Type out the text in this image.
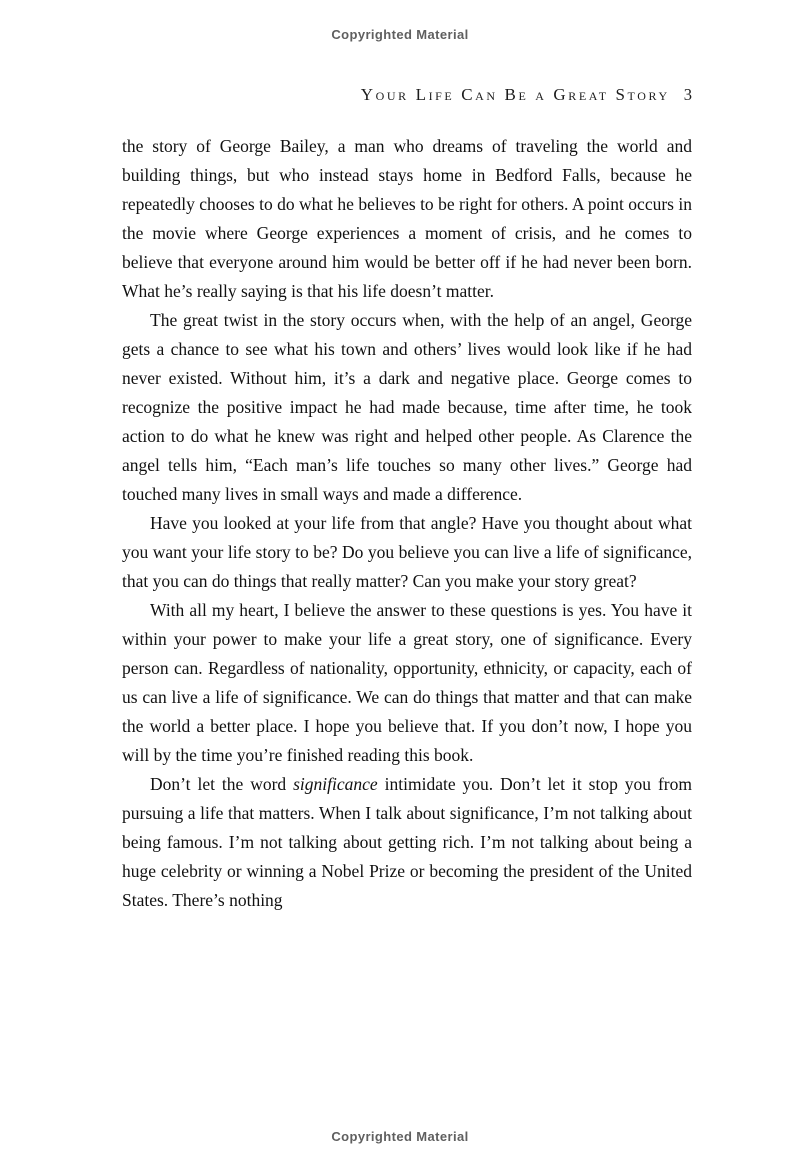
Copyrighted Material
Your Life Can Be a Great Story 3

the story of George Bailey, a man who dreams of traveling the world and building things, but who instead stays home in Bedford Falls, because he repeatedly chooses to do what he believes to be right for others. A point occurs in the movie where George experiences a moment of crisis, and he comes to believe that everyone around him would be better off if he had never been born. What he’s really saying is that his life doesn’t matter.

The great twist in the story occurs when, with the help of an angel, George gets a chance to see what his town and others’ lives would look like if he had never existed. Without him, it’s a dark and negative place. George comes to recognize the positive impact he had made because, time after time, he took action to do what he knew was right and helped other people. As Clarence the angel tells him, “Each man’s life touches so many other lives.” George had touched many lives in small ways and made a difference.

Have you looked at your life from that angle? Have you thought about what you want your life story to be? Do you believe you can live a life of significance, that you can do things that really matter? Can you make your story great?

With all my heart, I believe the answer to these questions is yes. You have it within your power to make your life a great story, one of significance. Every person can. Regardless of nationality, opportunity, ethnicity, or capacity, each of us can live a life of significance. We can do things that matter and that can make the world a better place. I hope you believe that. If you don’t now, I hope you will by the time you’re finished reading this book.

Don’t let the word significance intimidate you. Don’t let it stop you from pursuing a life that matters. When I talk about significance, I’m not talking about being famous. I’m not talking about getting rich. I’m not talking about being a huge celebrity or winning a Nobel Prize or becoming the president of the United States. There’s nothing

Copyrighted Material
